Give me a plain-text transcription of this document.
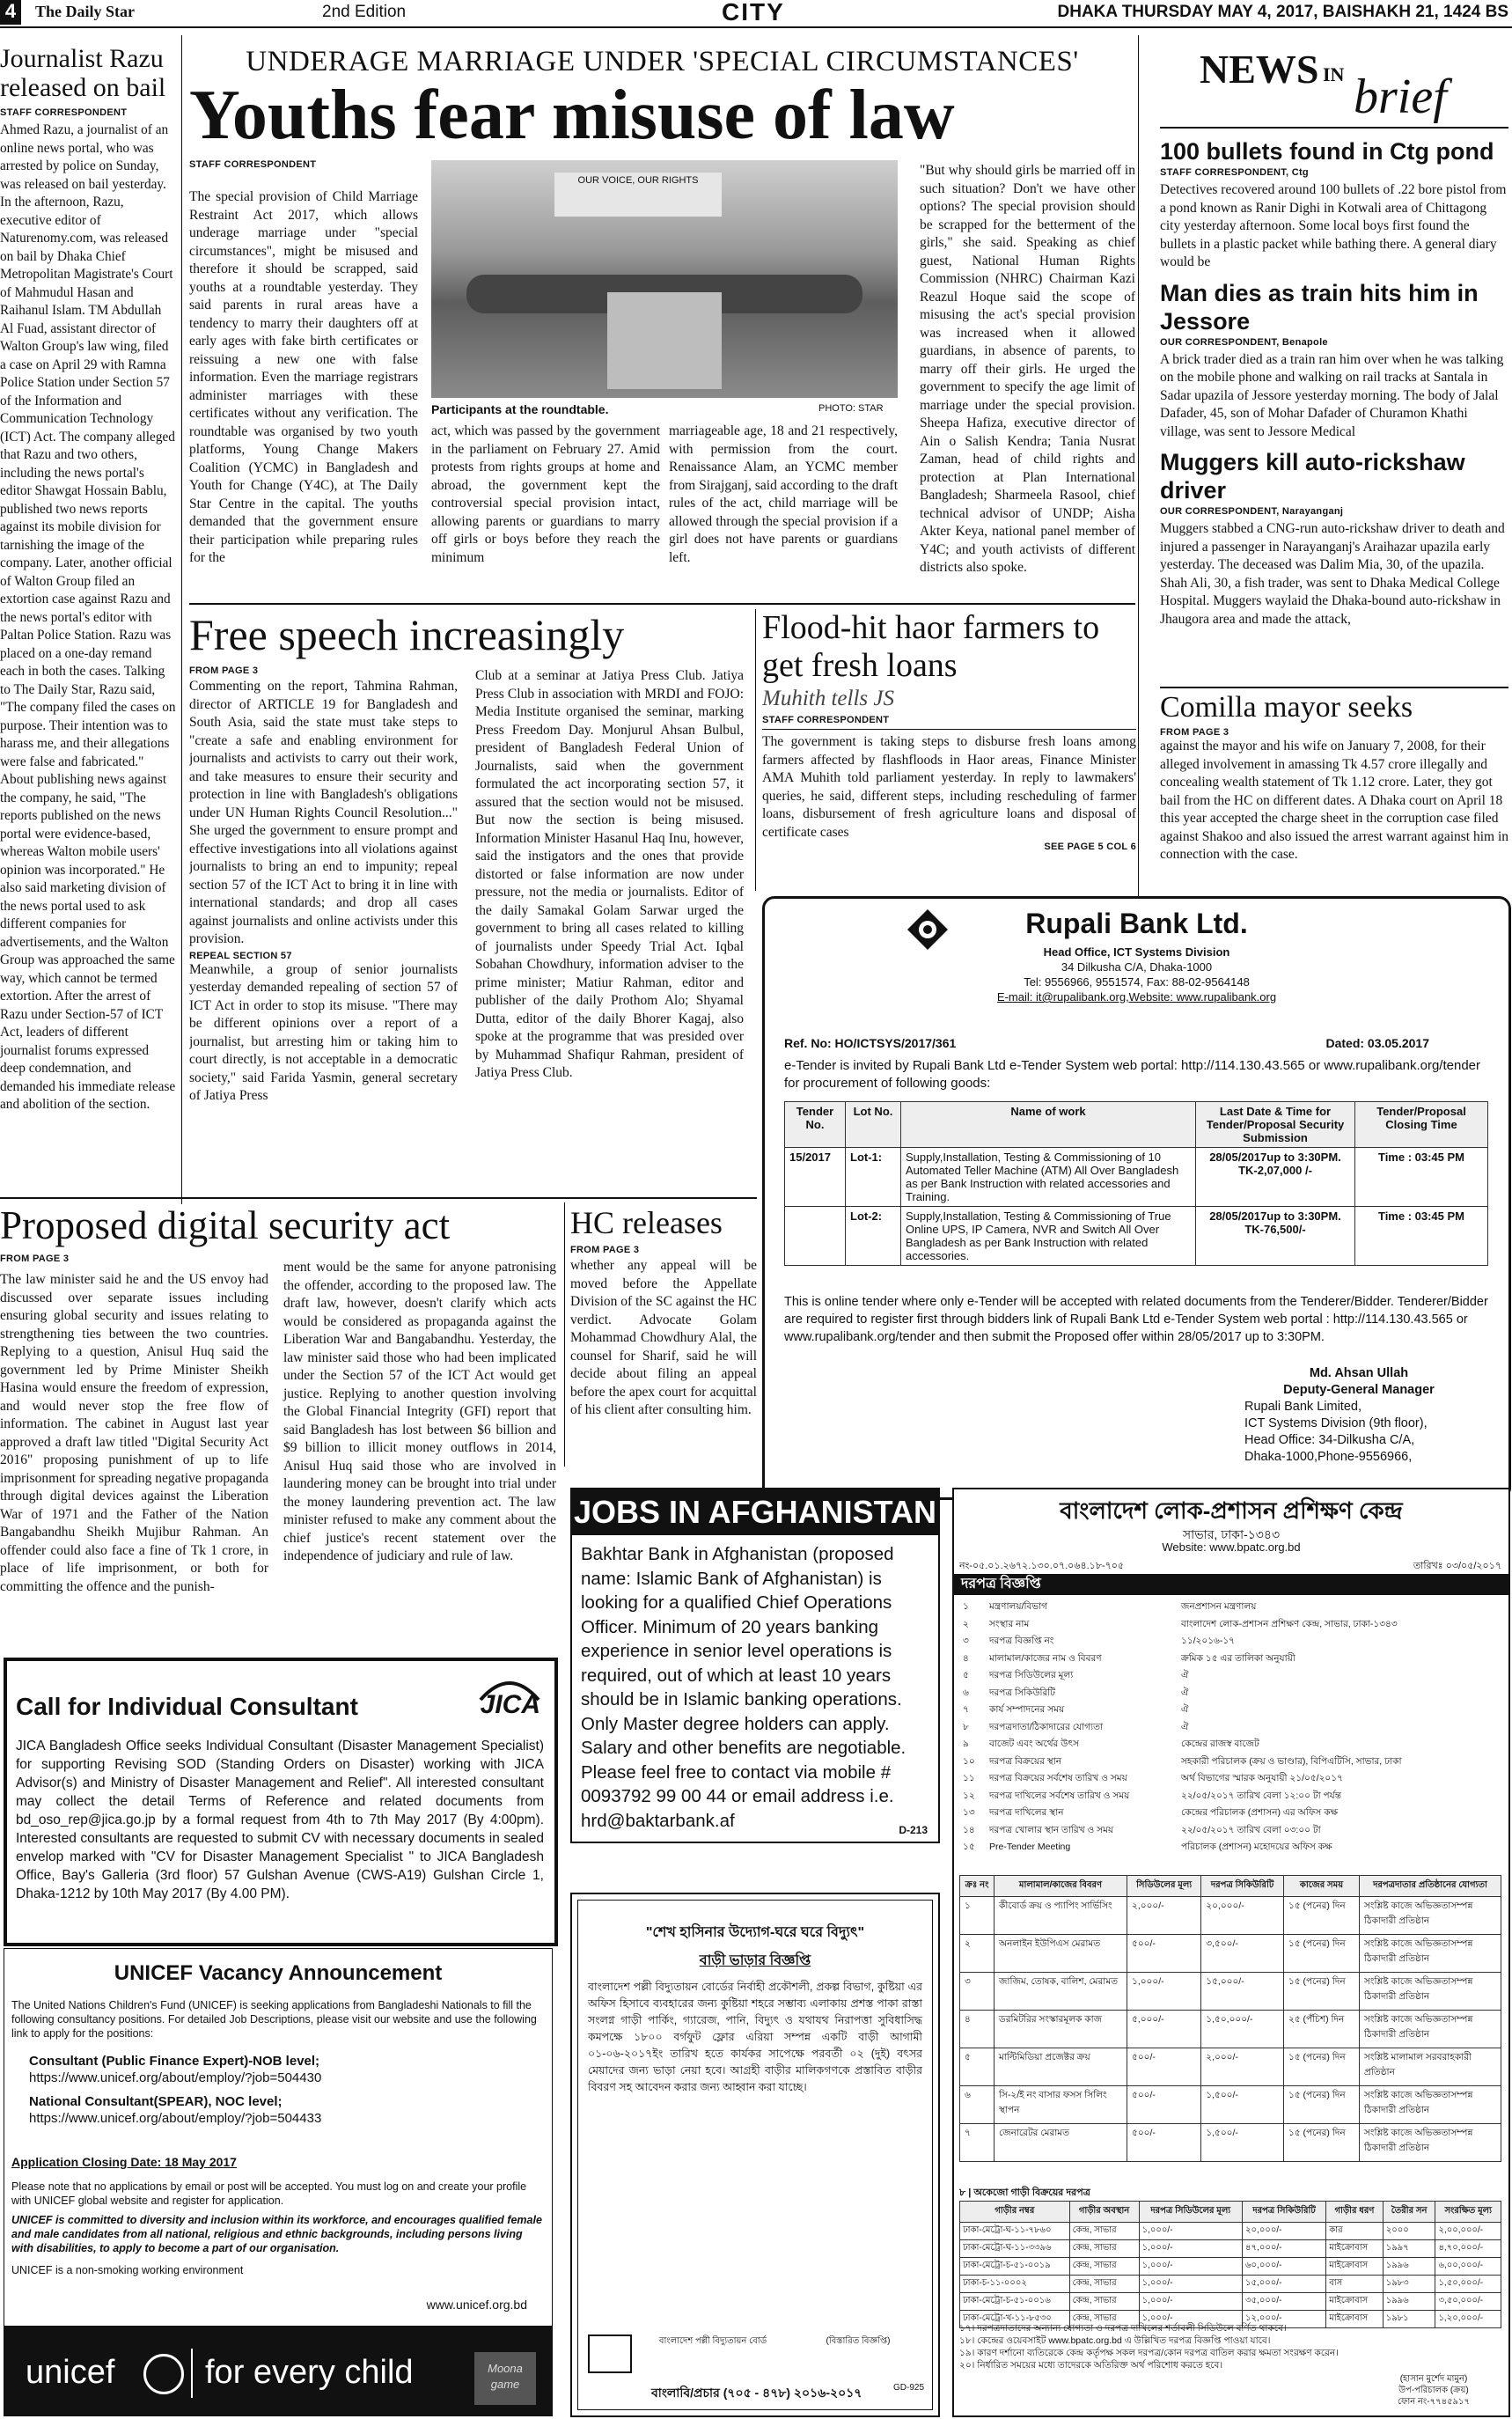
4	The Daily Star	2nd Edition	CITY	DHAKA THURSDAY MAY 4, 2017, BAISHAKH 21, 1424 BS
Journalist Razu released on bail
STAFF CORRESPONDENT
Ahmed Razu, a journalist of an online news portal, who was arrested by police on Sunday, was released on bail yesterday. In the afternoon, Razu, executive editor of Naturenomy.com, was released on bail by Dhaka Chief Metropolitan Magistrate's Court of Mahmudul Hasan and Raihanul Islam. TM Abdullah Al Fuad, assistant director of Walton Group's law wing, filed a case on April 29 with Ramna Police Station under Section 57 of the Information and Communication Technology (ICT) Act. The company alleged that Razu and two others, including the news portal's editor Shawgat Hossain Bablu, published two news reports against its mobile division for tarnishing the image of the company. Later, another official of Walton Group filed an extortion case against Razu and the news portal's editor with Paltan Police Station. Razu was placed on a one-day remand each in both the cases. Talking to The Daily Star, Razu said, "The company filed the cases on purpose. Their intention was to harass me, and their allegations were false and fabricated." About publishing news against the company, he said, "The reports published on the news portal were evidence-based, whereas Walton mobile users' opinion was incorporated." He also said marketing division of the news portal used to ask different companies for advertisements, and the Walton Group was approached the same way, which cannot be termed extortion. After the arrest of Razu under Section-57 of ICT Act, leaders of different journalist forums expressed deep condemnation, and demanded his immediate release and abolition of the section.
UNDERAGE MARRIAGE UNDER 'SPECIAL CIRCUMSTANCES'
Youths fear misuse of law
STAFF CORRESPONDENT
The special provision of Child Marriage Restraint Act 2017, which allows underage marriage under "special circumstances", might be misused and therefore it should be scrapped, said youths at a roundtable yesterday. They said parents in rural areas have a tendency to marry their daughters off at early ages with fake birth certificates or reissuing a new one with false information. Even the marriage registrars administer marriages with these certificates without any verification. The roundtable was organised by two youth platforms, Young Change Makers Coalition (YCMC) in Bangladesh and Youth for Change (Y4C), at The Daily Star Centre in the capital. The youths demanded that the government ensure their participation while preparing rules for the
OUR VOICE, OUR RIGHTS
Participants at the roundtable.	PHOTO: STAR
act, which was passed by the government in the parliament on February 27. Amid protests from rights groups at home and abroad, the government kept the controversial special provision intact, allowing parents or guardians to marry off girls or boys before they reach the minimum
marriageable age, 18 and 21 respectively, with permission from the court. Renaissance Alam, an YCMC member from Sirajganj, said according to the draft rules of the act, child marriage will be allowed through the special provision if a girl does not have parents or guardians left.
"But why should girls be married off in such situation? Don't we have other options? The special provision should be scrapped for the betterment of the girls," she said. Speaking as chief guest, National Human Rights Commission (NHRC) Chairman Kazi Reazul Hoque said the scope of misusing the act's special provision was increased when it allowed guardians, in absence of parents, to marry off their girls. He urged the government to specify the age limit of marriage under the special provision. Sheepa Hafiza, executive director of Ain o Salish Kendra; Tania Nusrat Zaman, head of child rights and protection at Plan International Bangladesh; Sharmeela Rasool, chief technical advisor of UNDP; Aisha Akter Keya, national panel member of Y4C; and youth activists of different districts also spoke.
NEWS IN brief
100 bullets found in Ctg pond
STAFF CORRESPONDENT, Ctg
Detectives recovered around 100 bullets of .22 bore pistol from a pond known as Ranir Dighi in Kotwali area of Chittagong city yesterday afternoon. Some local boys first found the bullets in a plastic packet while bathing there. A general diary would be
Man dies as train hits him in Jessore
OUR CORRESPONDENT, Benapole
A brick trader died as a train ran him over when he was talking on the mobile phone and walking on rail tracks at Santala in Sadar upazila of Jessore yesterday morning. The body of Jalal Dafader, 45, son of Mohar Dafader of Churamon Khathi village, was sent to Jessore Medical
Muggers kill auto-rickshaw driver
OUR CORRESPONDENT, Narayanganj
Muggers stabbed a CNG-run auto-rickshaw driver to death and injured a passenger in Narayanganj's Araihazar upazila early yesterday. The deceased was Dalim Mia, 30, of the upazila. Shah Ali, 30, a fish trader, was sent to Dhaka Medical College Hospital. Muggers waylaid the Dhaka-bound auto-rickshaw in Jhaugora area and made the attack,
Comilla mayor seeks
FROM PAGE 3
against the mayor and his wife on January 7, 2008, for their alleged involvement in amassing Tk 4.57 crore illegally and concealing wealth statement of Tk 1.12 crore. Later, they got bail from the HC on different dates. A Dhaka court on April 18 this year accepted the charge sheet in the corruption case filed against Shakoo and also issued the arrest warrant against him in connection with the case.
Free speech increasingly
FROM PAGE 3
Commenting on the report, Tahmina Rahman, director of ARTICLE 19 for Bangladesh and South Asia, said the state must take steps to "create a safe and enabling environment for journalists and activists to carry out their work, and take measures to ensure their security and protection in line with Bangladesh's obligations under UN Human Rights Council Resolution..." She urged the government to ensure prompt and effective investigations into all violations against journalists to bring an end to impunity; repeal section 57 of the ICT Act to bring it in line with international standards; and drop all cases against journalists and online activists under this provision.
REPEAL SECTION 57
Meanwhile, a group of senior journalists yesterday demanded repealing of section 57 of ICT Act in order to stop its misuse. "There may be different opinions over a report of a journalist, but arresting him or taking him to court directly, is not acceptable in a democratic society," said Farida Yasmin, general secretary of Jatiya Press
Club at a seminar at Jatiya Press Club. Jatiya Press Club in association with MRDI and FOJO: Media Institute organised the seminar, marking Press Freedom Day. Monjurul Ahsan Bulbul, president of Bangladesh Federal Union of Journalists, said when the government formulated the act incorporating section 57, it assured that the section would not be misused. But now the section is being misused. Information Minister Hasanul Haq Inu, however, said the instigators and the ones that provide distorted or false information are now under pressure, not the media or journalists. Editor of the daily Samakal Golam Sarwar urged the government to bring all cases related to killing of journalists under Speedy Trial Act. Iqbal Sobahan Chowdhury, information adviser to the prime minister; Matiur Rahman, editor and publisher of the daily Prothom Alo; Shyamal Dutta, editor of the daily Bhorer Kagaj, also spoke at the programme that was presided over by Muhammad Shafiqur Rahman, president of Jatiya Press Club.
Flood-hit haor farmers to get fresh loans
Muhith tells JS
STAFF CORRESPONDENT
The government is taking steps to disburse fresh loans among farmers affected by flashfloods in Haor areas, Finance Minister AMA Muhith told parliament yesterday. In reply to lawmakers' queries, he said, different steps, including rescheduling of farmer loans, disbursement of fresh agriculture loans and disposal of certificate cases
SEE PAGE 5 COL 6
Rupali Bank Ltd.
Head Office, ICT Systems Division
34 Dilkusha C/A, Dhaka-1000
Tel: 9556966, 9551574, Fax: 88-02-9564148
E-mail: it@rupalibank.org,Website: www.rupalibank.org
Ref. No: HO/ICTSYS/2017/361	Dated: 03.05.2017
e-Tender is invited by Rupali Bank Ltd e-Tender System web portal: http://114.130.43.565 or www.rupalibank.org/tender for procurement of following goods:
Tender No.	Lot No.	Name of work	Last Date & Time for Tender/Proposal Security Submission	Tender/Proposal Closing Time
15/2017	Lot-1:	Supply,Installation, Testing & Commissioning of 10 Automated Teller Machine (ATM) All Over Bangladesh as per Bank Instruction with related accessories and Training.	28/05/2017up to 3:30PM. TK-2,07,000 /-	Time : 03:45 PM
	Lot-2:	Supply,Installation, Testing & Commissioning of True Online UPS, IP Camera, NVR and Switch All Over Bangladesh as per Bank Instruction with related accessories.	28/05/2017up to 3:30PM. TK-76,500/-	Time : 03:45 PM
This is online tender where only e-Tender will be accepted with related documents from the Tenderer/Bidder. Tenderer/Bidder are required to register first through bidders link of Rupali Bank Ltd e-Tender System web portal : http://114.130.43.565 or www.rupalibank.org/tender and then submit the Proposed offer within 28/05/2017 up to 3:30PM.
Md. Ahsan Ullah
Deputy-General Manager
Rupali Bank Limited,
ICT Systems Division (9th floor),
Head Office: 34-Dilkusha C/A,
Dhaka-1000,Phone-9556966,
Proposed digital security act
FROM PAGE 3
The law minister said he and the US envoy had discussed over separate issues including ensuring global security and issues relating to strengthening ties between the two countries. Replying to a question, Anisul Huq said the government led by Prime Minister Sheikh Hasina would ensure the freedom of expression, and would never stop the free flow of information. The cabinet in August last year approved a draft law titled "Digital Security Act 2016" proposing punishment of up to life imprisonment for spreading negative propaganda through digital devices against the Liberation War of 1971 and the Father of the Nation Bangabandhu Sheikh Mujibur Rahman. An offender could also face a fine of Tk 1 crore, in place of life imprisonment, or both for committing the offence and the punish-
ment would be the same for anyone patronising the offender, according to the proposed law. The draft law, however, doesn't clarify which acts would be considered as propaganda against the Liberation War and Bangabandhu. Yesterday, the law minister said those who had been implicated under the Section 57 of the ICT Act would get justice. Replying to another question involving the Global Financial Integrity (GFI) report that said Bangladesh has lost between $6 billion and $9 billion to illicit money outflows in 2014, Anisul Huq said those who are involved in laundering money can be brought into trial under the money laundering prevention act. The law minister refused to make any comment about the chief justice's recent statement over the independence of judiciary and rule of law.
HC releases
FROM PAGE 3
whether any appeal will be moved before the Appellate Division of the SC against the HC verdict. Advocate Golam Mohammad Chowdhury Alal, the counsel for Sharif, said he will decide about filing an appeal before the apex court for acquittal of his client after consulting him.
Call for Individual Consultant	JICA
JICA Bangladesh Office seeks Individual Consultant (Disaster Management Specialist) for supporting Revising SOD (Standing Orders on Disaster) working with JICA Advisor(s) and Ministry of Disaster Management and Relief". All interested consultant may collect the detail Terms of Reference and related documents from bd_oso_rep@jica.go.jp by a formal request from 4th to 7th May 2017 (By 4:00pm). Interested consultants are requested to submit CV with necessary documents in sealed envelop marked with "CV for Disaster Management Specialist " to JICA Bangladesh Office, Bay's Galleria (3rd floor) 57 Gulshan Avenue (CWS-A19) Gulshan Circle 1, Dhaka-1212 by 10th May 2017 (By 4.00 PM).
UNICEF Vacancy Announcement
The United Nations Children's Fund (UNICEF) is seeking applications from Bangladeshi Nationals to fill the following consultancy positions. For detailed Job Descriptions, please visit our website and use the following link to apply for the positions:
Consultant (Public Finance Expert)-NOB level;
https://www.unicef.org/about/employ/?job=504430
National Consultant(SPEAR), NOC level;
https://www.unicef.org/about/employ/?job=504433
Application Closing Date: 18 May 2017
Please note that no applications by email or post will be accepted. You must log on and create your profile with UNICEF global website and register for application.
UNICEF is committed to diversity and inclusion within its workforce, and encourages qualified female and male candidates from all national, religious and ethnic backgrounds, including persons living with disabilities, to apply to become a part of our organisation.
UNICEF is a non-smoking working environment
www.unicef.org.bd
unicef	for every child	Moona game
JOBS IN AFGHANISTAN
Bakhtar Bank in Afghanistan (proposed name: Islamic Bank of Afghanistan) is looking for a qualified Chief Operations Officer. Minimum of 20 years banking experience in senior level operations is required, out of which at least 10 years should be in Islamic banking operations. Only Master degree holders can apply. Salary and other benefits are negotiable. Please feel free to contact via mobile # 0093792 99 00 44 or email address i.e. hrd@baktarbank.af	D-213
"শেখ হাসিনার উদ্যোগ-ঘরে ঘরে বিদ্যুৎ"
বাড়ী ভাড়ার বিজ্ঞপ্তি
বাংলাদেশ পল্লী বিদ্যুতায়ন বোর্ডের নির্বাহী প্রকৌশলী, প্রকল্প বিভাগ, কুষ্টিয়া এর অফিস হিসাবে ব্যবহারের জন্য কুষ্টিয়া শহরে সম্ভাব্য এলাকায় প্রশস্ত পাকা রাস্তা সংলগ্ন গাড়ী পার্কিং, গ্যারেজ, পানি, বিদ্যুৎ ও যথাযথ নিরাপত্তা সুবিধাসিদ্ধ কমপক্ষে ১৮০০ বর্গফুট ফ্লোর এরিয়া সম্পন্ন একটি বাড়ী আগামী ০১-০৬-২০১৭ইং তারিখ হতে কার্যকর সাপেক্ষে পরবর্তী ০২ (দুই) বৎসর মেয়াদের জন্য ভাড়া নেয়া হবে। আগ্রহী বাড়ীর মালিকগণকে প্রস্তাবিত বাড়ীর বিবরণ সহ আবেদন করার জন্য আহ্বান করা যাচ্ছে।
বাংলাদেশ পল্লী বিদ্যুতায়ন বোর্ড	(বিস্তারিত বিজ্ঞপ্তি)
GD-925
বাংলাবি/প্রচার (৭০৫ - ৪৭৮) ২০১৬-২০১৭
বাংলাদেশ লোক-প্রশাসন প্রশিক্ষণ কেন্দ্র
সাভার, ঢাকা-১৩৪৩
Website: www.bpatc.org.bd
নং-০৫.০১.২৬৭২.১৩০.০৭.০৬৪.১৮-৭০৫	তারিখঃ ০৩/০৫/২০১৭
দরপত্র বিজ্ঞপ্তি
১	মন্ত্রণালয়/বিভাগ	জনপ্রশাসন মন্ত্রণালয়
২	সংস্থার নাম	বাংলাদেশ লোক-প্রশাসন প্রশিক্ষণ কেন্দ্র, সাভার, ঢাকা-১৩৪৩
৩	দরপত্র বিজ্ঞপ্তি নং	১১/২০১৬-১৭
৪	মালামাল/কাজের নাম ও বিবরণ	ক্রমিক ১৫ এর তালিকা অনুযায়ী
৫	দরপত্র সিডিউলের মূল্য	ঐ
৬	দরপত্র সিকিউরিটি	ঐ
৭	কার্য সম্পাদনের সময়	ঐ
৮	দরপত্রদাতা/ঠিকাদারের যোগ্যতা	ঐ
৯	বাজেট এবং অর্থের উৎস	কেন্দ্রের রাজস্ব বাজেট
১০	দরপত্র বিক্রয়ের স্থান	সহকারী পরিচালক (ক্রয় ও ভাণ্ডার), বিপিএটিসি, সাভার, ঢাকা
১১	দরপত্র বিক্রয়ের সর্বশেষ তারিখ ও সময়	অর্থ বিভাগের স্মারক অনুযায়ী ২১/০৫/২০১৭
১২	দরপত্র দাখিলের সর্বশেষ তারিখ ও সময়	২২/০৫/২০১৭ তারিখ বেলা ১২:০০ টা পর্যন্ত
১৩	দরপত্র দাখিলের স্থান	কেন্দ্রের পরিচালক (প্রশাসন) এর অফিস কক্ষ
১৪	দরপত্র খোলার স্থান তারিখ ও সময়	২২/০৫/২০১৭ তারিখ বেলা ০৩:০০ টা
১৫	Pre-Tender Meeting	পরিচালক (প্রশাসন) মহোদয়ের অফিস কক্ষ
ক্রঃ নং	মালামাল/কাজের বিবরণ	সিডিউলের মূল্য	দরপত্র সিকিউরিটি	কাজের সময়	দরপত্রদাতার প্রতিষ্ঠানের যোগ্যতা
১	কীবোর্ড ক্রয় ও প্যাপিং সার্ভিসিং	২,০০০/-	২০,০০০/-	১৫ (পনের) দিন	সংশ্লিষ্ট কাজে অভিজ্ঞতাসম্পন্ন ঠিকাদারী প্রতিষ্ঠান
২	অনলাইন ইউপিএস মেরামত	৫০০/-	৩,৫০০/-	১৫ (পনের) দিন	সংশ্লিষ্ট কাজে অভিজ্ঞতাসম্পন্ন ঠিকাদারী প্রতিষ্ঠান
৩	জাজিম, তোষক, বালিশ, মেরামত	১,০০০/-	১৫,০০০/-	১৫ (পনের) দিন	সংশ্লিষ্ট কাজে অভিজ্ঞতাসম্পন্ন ঠিকাদারী প্রতিষ্ঠান
৪	ডরমিটরির সংস্কারমূলক কাজ	৫,০০০/-	১,৫০,০০০/-	২৫ (পঁচিশ) দিন	সংশ্লিষ্ট কাজে অভিজ্ঞতাসম্পন্ন ঠিকাদারী প্রতিষ্ঠান
৫	মাল্টিমিডিয়া প্রজেক্টর ক্রয়	৫০০/-	২,০০০/-	১৫ (পনের) দিন	সংশ্লিষ্ট মালামাল সরবরাহকারী প্রতিষ্ঠান
৬	সি-২/ই নং বাসার ফসস সিলিং স্থাপন	৫০০/-	১,৫০০/-	১৫ (পনের) দিন	সংশ্লিষ্ট কাজে অভিজ্ঞতাসম্পন্ন ঠিকাদারী প্রতিষ্ঠান
৭	জেনারেটর মেরামত	৫০০/-	১,৫০০/-	১৫ (পনের) দিন	সংশ্লিষ্ট কাজে অভিজ্ঞতাসম্পন্ন ঠিকাদারী প্রতিষ্ঠান
৮ | অকেজো গাড়ী বিক্রয়ের দরপত্র
গাড়ীর নম্বর	গাড়ীর অবস্থান	দরপত্র সিডিউলের মূল্য	দরপত্র সিকিউরিটি	গাড়ীর ধরণ	তৈরীর সন	সংরক্ষিত মূল্য
ঢাকা-মেট্রো-ঘ-১১-৭৮৬০	কেন্দ্র, সাভার	১,০০০/-	২০,০০০/-	কার	২০০০	২,০০,০০০/-
ঢাকা-মেট্রো-ঘ-১১-৩৩৯৬	কেন্দ্র, সাভার	১,০০০/-	৪৭,০০০/-	মাইক্রোবাস	১৯৯৭	৪,৭০,০০০/-
ঢাকা-মেট্রো-চ-৫১-০০১৯	কেন্দ্র, সাভার	১,০০০/-	৬০,০০০/-	মাইক্রোবাস	১৯৯৬	৬,০০,০০০/-
ঢাকা-চ-১১-০০০২	কেন্দ্র, সাভার	১,০০০/-	১৫,০০০/-	বাস	১৯৮৩	১,৫০,০০০/-
ঢাকা-মেট্রো-চ-৫১-০০১৬	কেন্দ্র, সাভার	১,০০০/-	৩৫,০০০/-	মাইক্রোবাস	১৯৯৬	৩,৫০,০০০/-
ঢাকা-মেট্রো-খ-১১-৮৫৩০	কেন্দ্র, সাভার	১,০০০/-	১২,০০০/-	মাইক্রোবাস	১৯৮১	১,২০,০০০/-
১৭। দরপত্রদাতাদের অন্যান্য যোগ্যতা ও দরপত্র দাখিলের শর্তাবলী সিডিউলে বর্ণিত থাকবে।
১৮। কেন্দ্রের ওয়েবসাইট www.bpatc.org.bd এ উল্লিখিত দরপত্র বিজ্ঞপ্তি পাওয়া যাবে।
১৯। কারণ দর্শানো ব্যতিরেকে কেন্দ্র কর্তৃপক্ষ সকল দরপত্র/কোন দরপত্র বাতিল করার ক্ষমতা সংরক্ষণ করেন।
২০। নির্ধারিত সময়ের মধ্যে তাদেরকে অতিরিক্ত অর্থ পরিশোধ করতে হবে।
(হাসান মুর্শেদ মামুন)
উপ-পরিচালক (ক্রয়)
ফোন নং-৭৭৪৫৯১৭
